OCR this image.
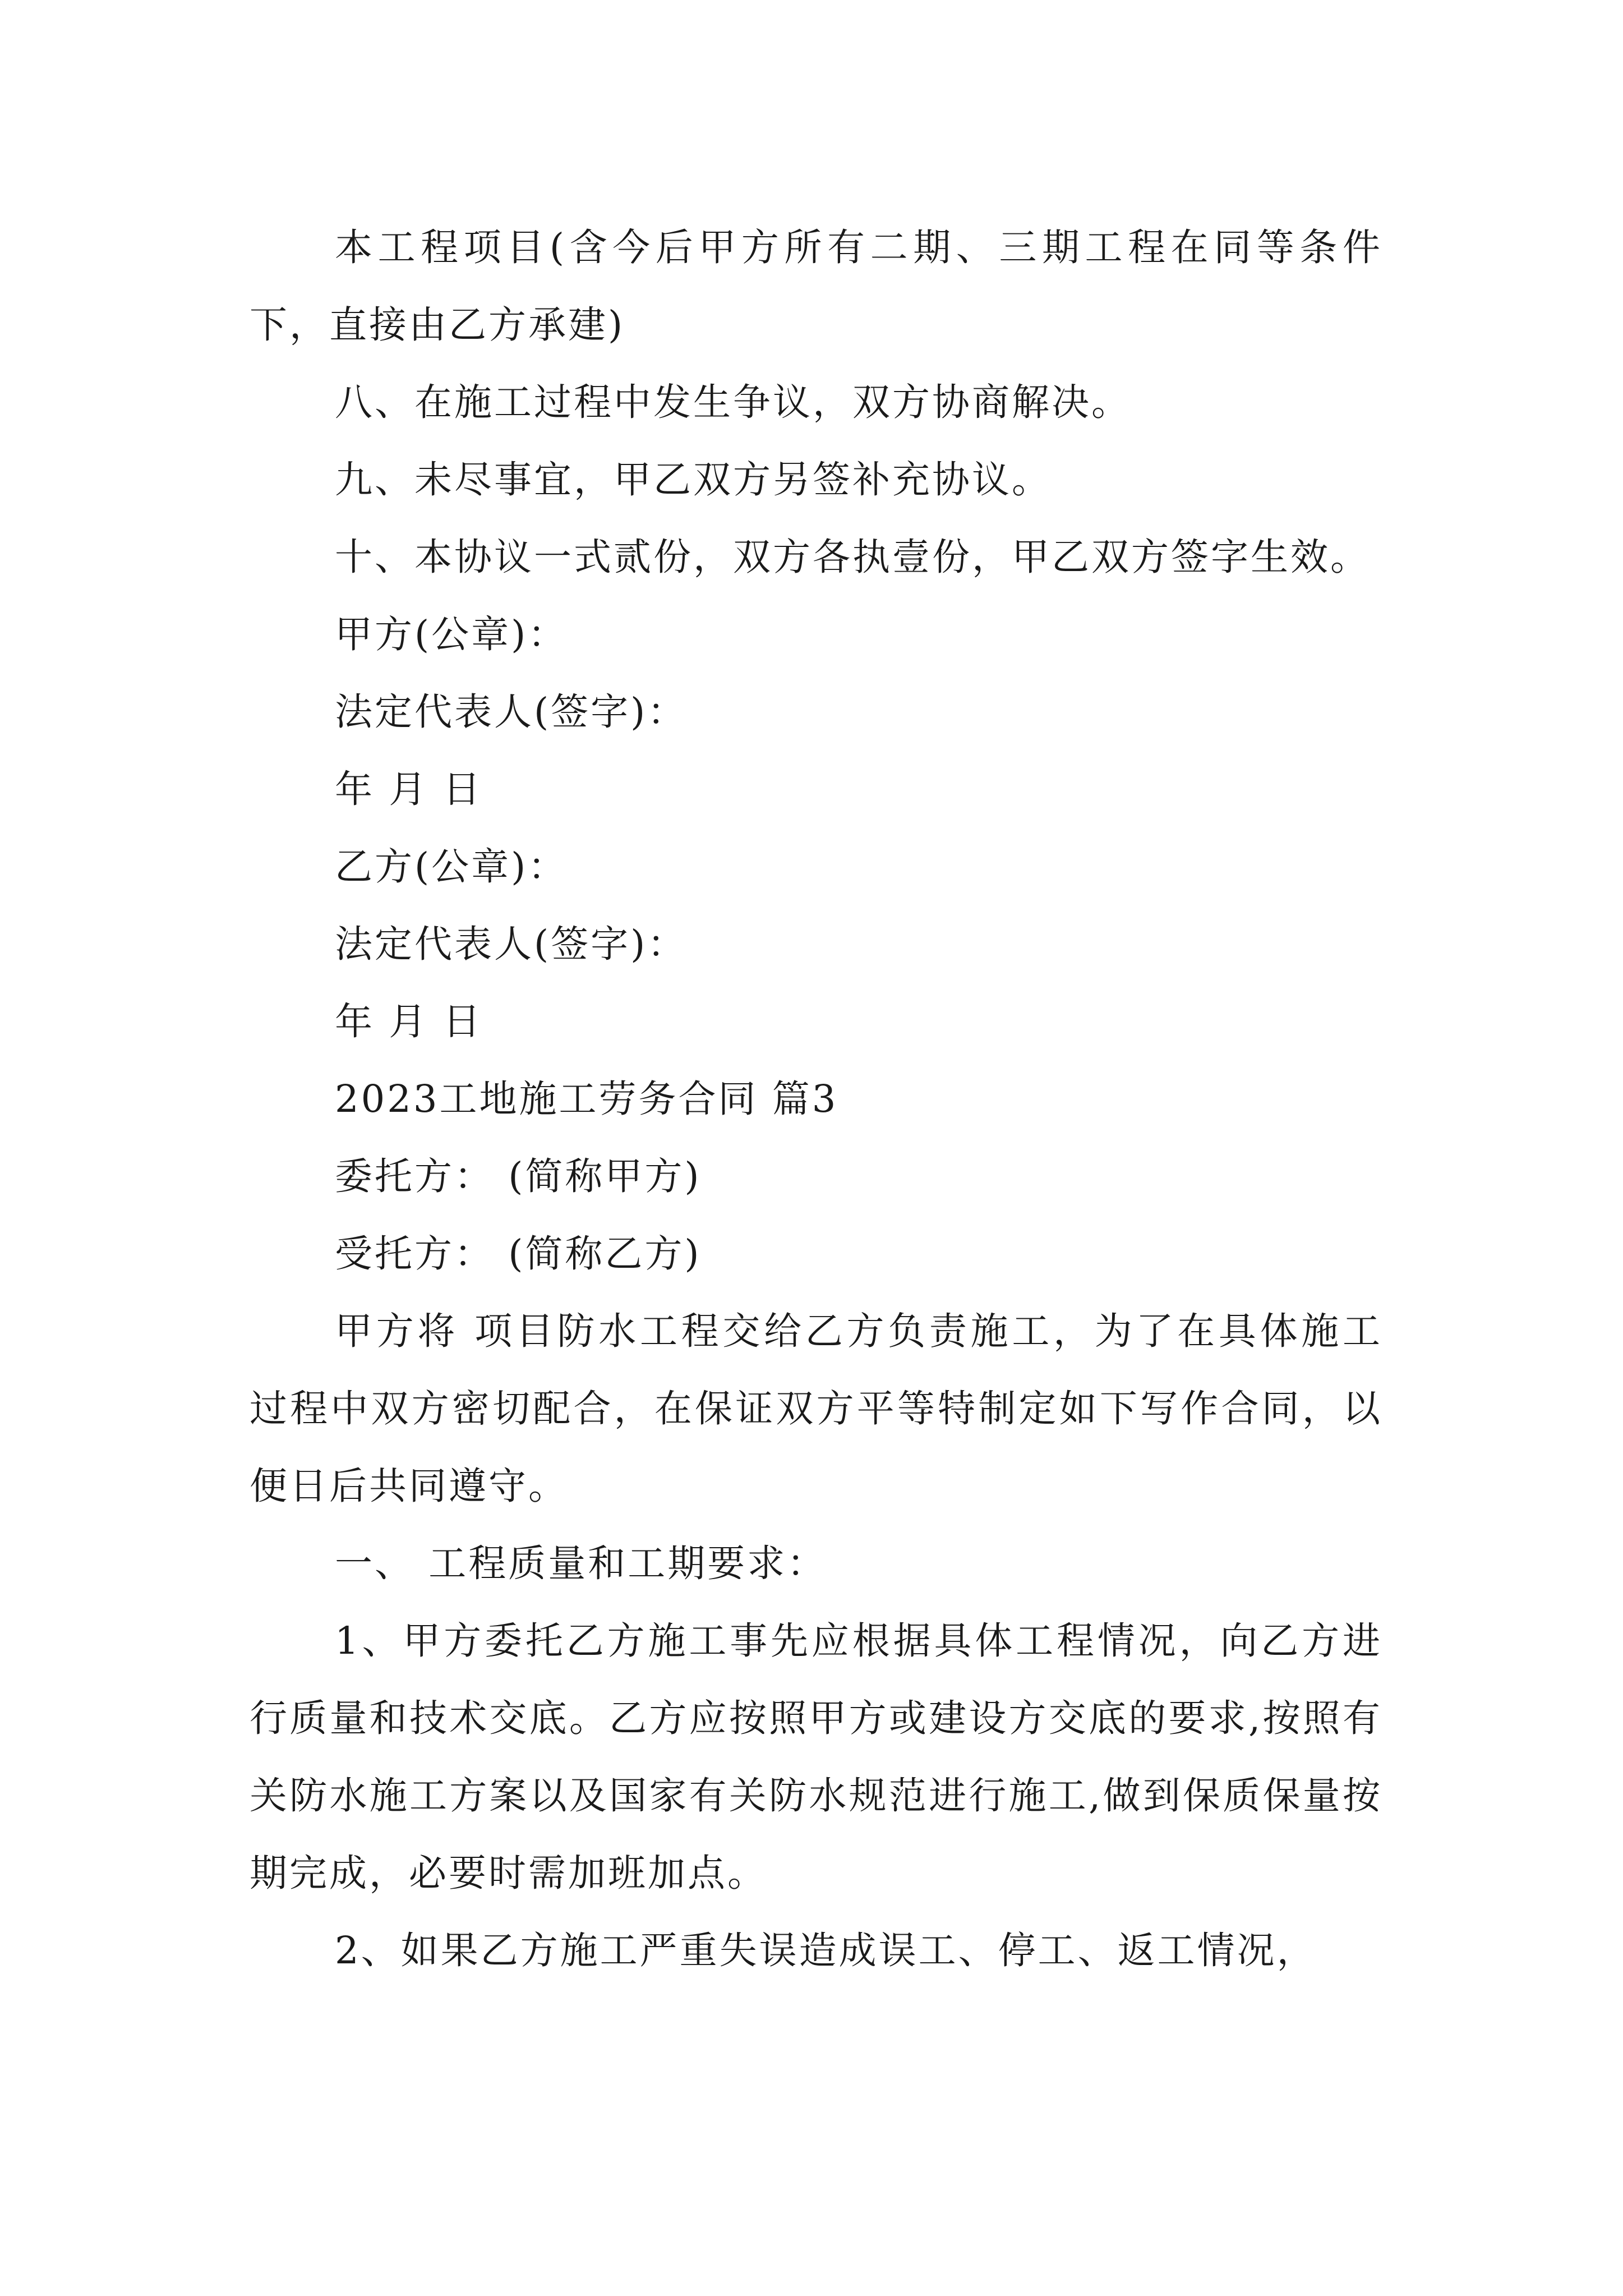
本工程项目(含今后甲方所有二期、三期工程在同等条件下，直接由乙方承建)

八、在施工过程中发生争议，双方协商解决。

九、未尽事宜，甲乙双方另签补充协议。

十、本协议一式贰份，双方各执壹份，甲乙双方签字生效。

甲方(公章)：

法定代表人(签字)：

年 月 日

乙方(公章)：

法定代表人(签字)：

年 月 日

2023工地施工劳务合同 篇3

委托方： (简称甲方)

受托方： (简称乙方)

甲方将 项目防水工程交给乙方负责施工，为了在具体施工过程中双方密切配合，在保证双方平等特制定如下写作合同，以便日后共同遵守。

一、 工程质量和工期要求：

1、甲方委托乙方施工事先应根据具体工程情况，向乙方进行质量和技术交底。乙方应按照甲方或建设方交底的要求,按照有关防水施工方案以及国家有关防水规范进行施工,做到保质保量按期完成，必要时需加班加点。

2、如果乙方施工严重失误造成误工、停工、返工情况，
